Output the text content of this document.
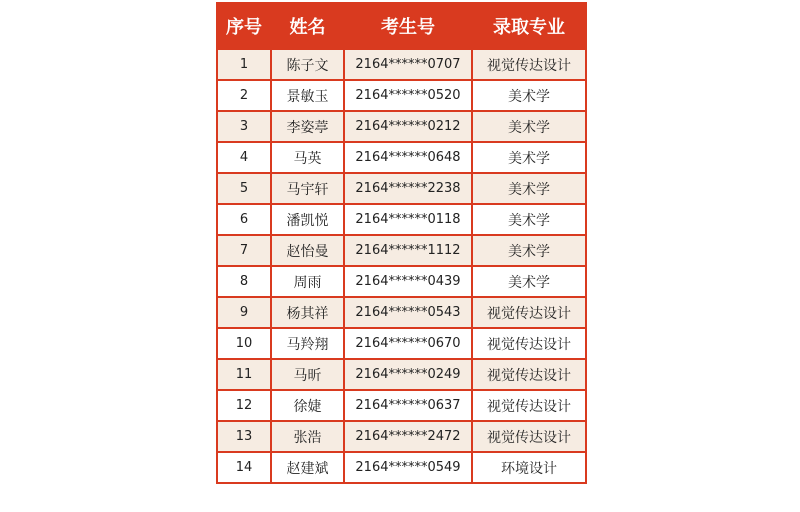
序号	姓名	考生号	录取专业
1	陈子文	2164******0707	视觉传达设计
2	景敏玉	2164******0520	美术学
3	李姿葶	2164******0212	美术学
4	马英	2164******0648	美术学
5	马宇轩	2164******2238	美术学
6	潘凯悦	2164******0118	美术学
7	赵怡曼	2164******1112	美术学
8	周雨	2164******0439	美术学
9	杨其祥	2164******0543	视觉传达设计
10	马羚翔	2164******0670	视觉传达设计
11	马昕	2164******0249	视觉传达设计
12	徐婕	2164******0637	视觉传达设计
13	张浩	2164******2472	视觉传达设计
14	赵建斌	2164******0549	环境设计
